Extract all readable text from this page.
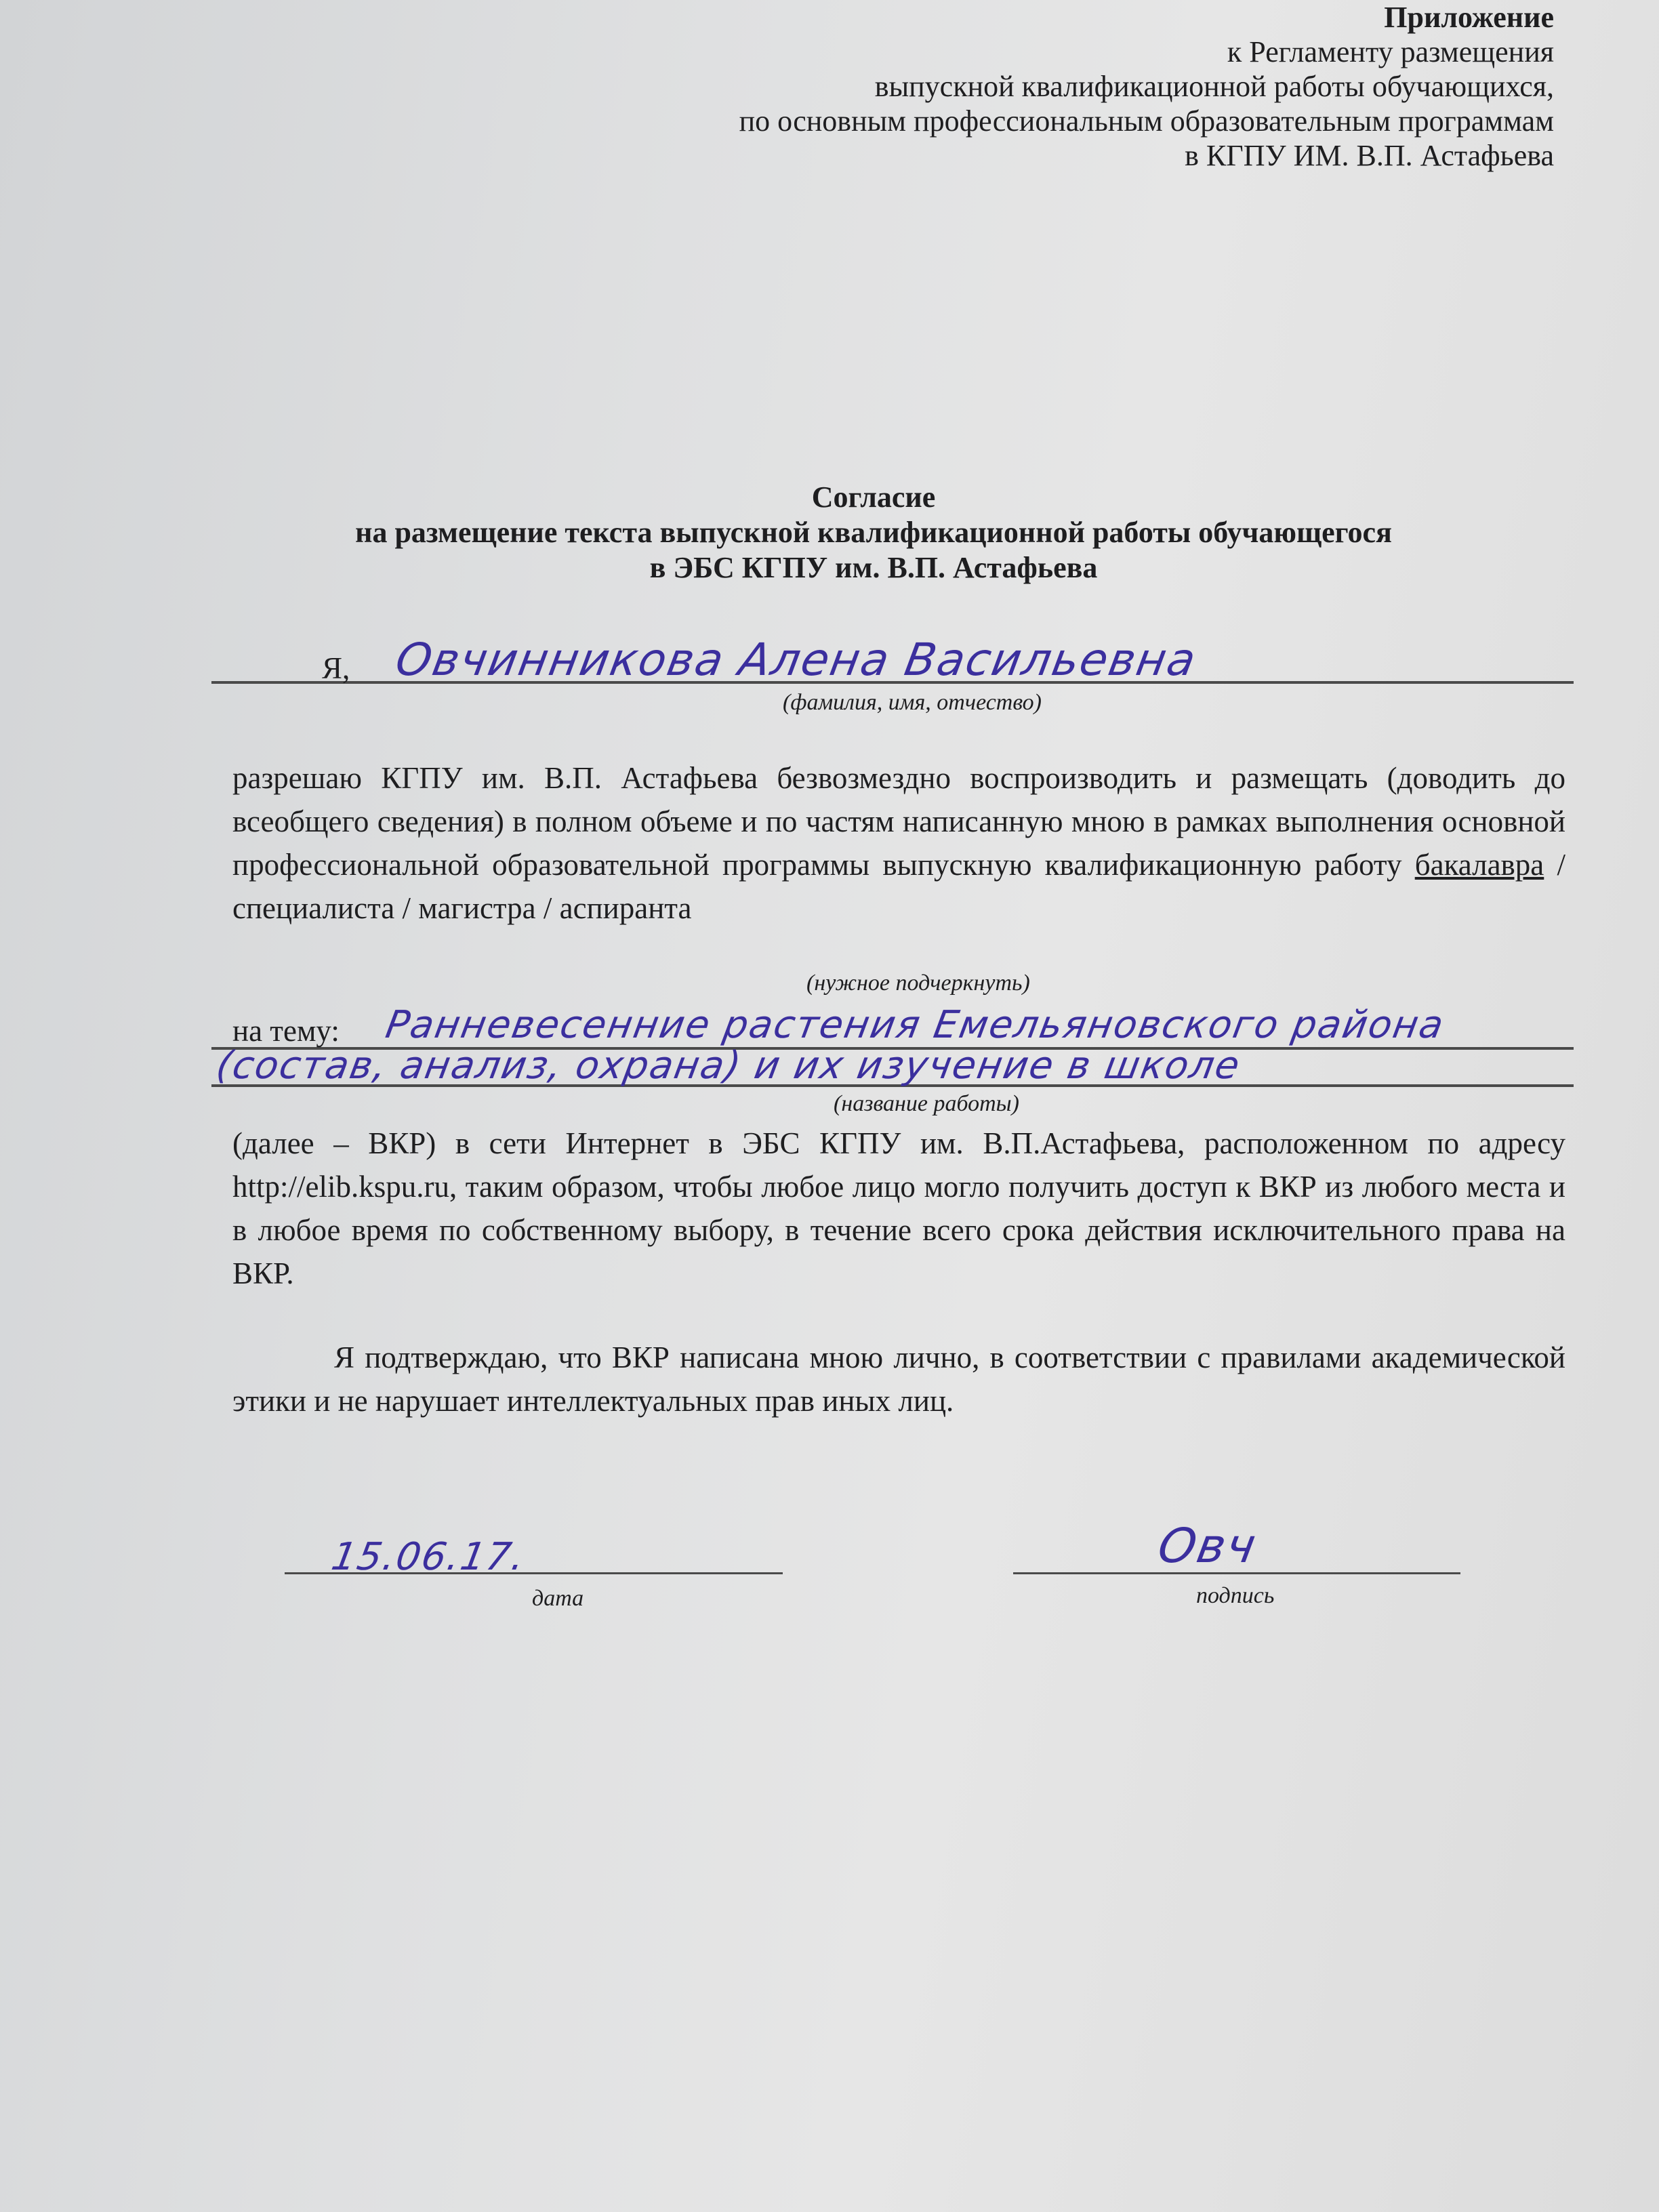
Приложение
к Регламенту размещения
выпускной квалификационной работы обучающихся,
по основным профессиональным образовательным программам
в КГПУ ИМ. В.П. Астафьева
Согласие
на размещение текста выпускной квалификационной работы обучающегося
в ЭБС КГПУ им. В.П. Астафьева
Я, Овчинникова Алена Васильевна
(фамилия, имя, отчество)

разрешаю КГПУ им. В.П. Астафьева безвозмездно воспроизводить и размещать (доводить до всеобщего сведения) в полном объеме и по частям написанную мною в рамках выполнения основной профессиональной образовательной программы выпускную квалификационную работу бакалавра / специалиста / магистра / аспиранта

(нужное подчеркнуть)
на тему: Ранневесенние растения Емельяновского района
(состав, анализ, охрана) и их изучение в школе
(название работы)

(далее – ВКР) в сети Интернет в ЭБС КГПУ им. В.П.Астафьева, расположенном по адресу http://elib.kspu.ru, таким образом, чтобы любое лицо могло получить доступ к ВКР из любого места и в любое время по собственному выбору, в течение всего срока действия исключительного права на ВКР.

Я подтверждаю, что ВКР написана мною лично, в соответствии с правилами академической этики и не нарушает интеллектуальных прав иных лиц.

15.06.17.
дата
Овч
подпись
